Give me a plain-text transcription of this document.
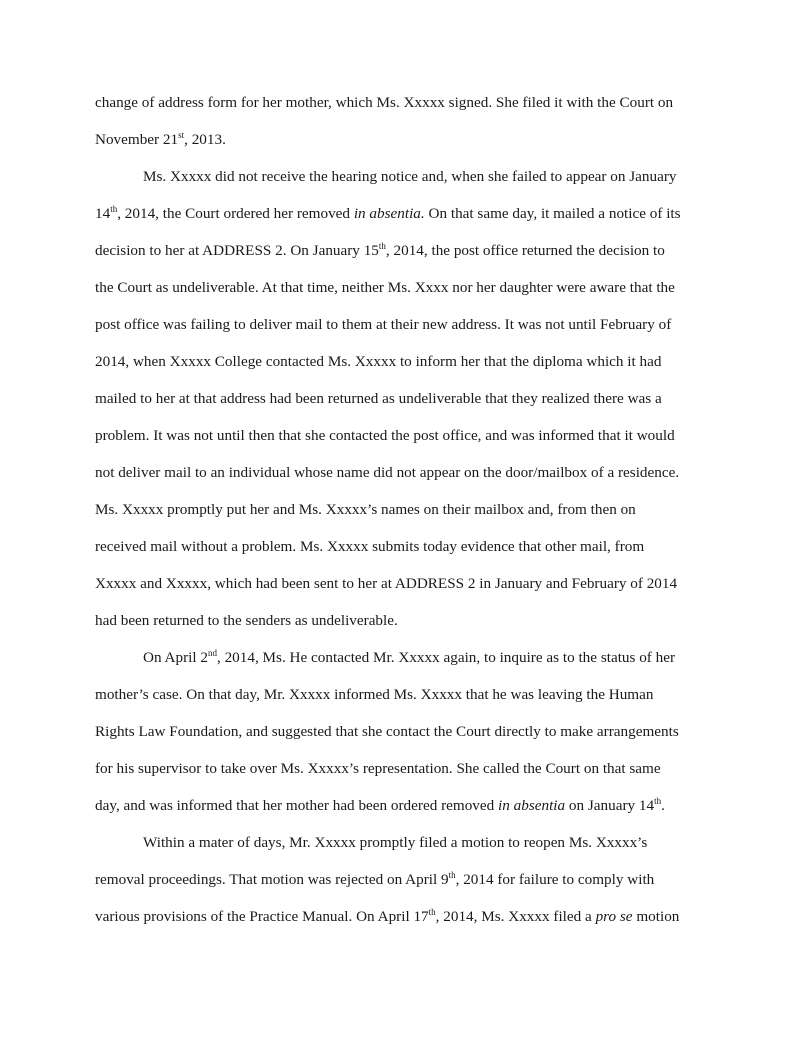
change of address form for her mother, which Ms. Xxxxx signed. She filed it with the Court on
November 21st, 2013.
Ms. Xxxxx did not receive the hearing notice and, when she failed to appear on January
14th, 2014, the Court ordered her removed in absentia. On that same day, it mailed a notice of its
decision to her at ADDRESS 2. On January 15th, 2014, the post office returned the decision to
the Court as undeliverable. At that time, neither Ms. Xxxx nor her daughter were aware that the
post office was failing to deliver mail to them at their new address. It was not until February of
2014, when Xxxxx College contacted Ms. Xxxxx to inform her that the diploma which it had
mailed to her at that address had been returned as undeliverable that they realized there was a
problem. It was not until then that she contacted the post office, and was informed that it would
not deliver mail to an individual whose name did not appear on the door/mailbox of a residence.
Ms. Xxxxx promptly put her and Ms. Xxxxx’s names on their mailbox and, from then on
received mail without a problem. Ms. Xxxxx submits today evidence that other mail, from
Xxxxx and Xxxxx, which had been sent to her at ADDRESS 2 in January and February of 2014
had been returned to the senders as undeliverable.
On April 2nd, 2014, Ms. He contacted Mr. Xxxxx again, to inquire as to the status of her
mother’s case. On that day, Mr. Xxxxx informed Ms. Xxxxx that he was leaving the Human
Rights Law Foundation, and suggested that she contact the Court directly to make arrangements
for his supervisor to take over Ms. Xxxxx’s representation. She called the Court on that same
day, and was informed that her mother had been ordered removed in absentia on January 14th.
Within a mater of days, Mr. Xxxxx promptly filed a motion to reopen Ms. Xxxxx’s
removal proceedings. That motion was rejected on April 9th, 2014 for failure to comply with
various provisions of the Practice Manual. On April 17th, 2014, Ms. Xxxxx filed a pro se motion
